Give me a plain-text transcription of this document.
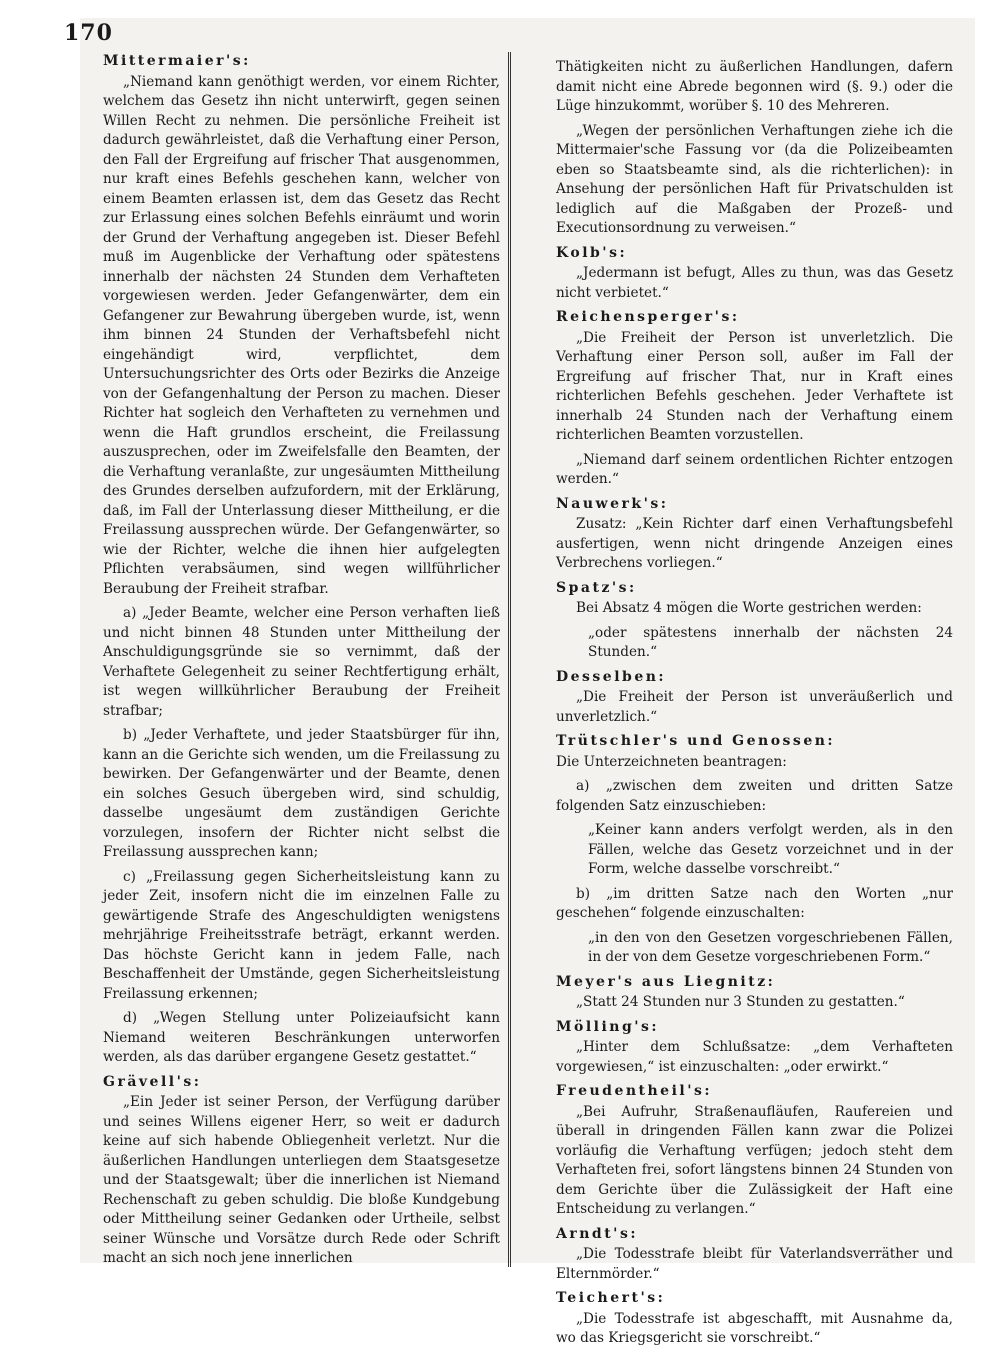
170
Mittermaier's:

„Niemand kann genöthigt werden, vor einem Richter, welchem das Gesetz ihn nicht unterwirft, gegen seinen Willen Recht zu nehmen. Die persönliche Freiheit ist dadurch gewährleistet, daß die Verhaftung einer Person, den Fall der Ergreifung auf frischer That ausgenommen, nur kraft eines Befehls geschehen kann, welcher von einem Beamten erlassen ist, dem das Gesetz das Recht zur Erlassung eines solchen Befehls einräumt und worin der Grund der Verhaftung angegeben ist. Dieser Befehl muß im Augenblicke der Verhaftung oder spätestens innerhalb der nächsten 24 Stunden dem Verhafteten vorgewiesen werden. Jeder Gefangenwärter, dem ein Gefangener zur Bewahrung übergeben wurde, ist, wenn ihm binnen 24 Stunden der Verhaftsbefehl nicht eingehändigt wird, verpflichtet, dem Untersuchungsrichter des Orts oder Bezirks die Anzeige von der Gefangenhaltung der Person zu machen. Dieser Richter hat sogleich den Verhafteten zu vernehmen und wenn die Haft grundlos erscheint, die Freilassung auszusprechen, oder im Zweifelsfalle den Beamten, der die Verhaftung veranlaßte, zur ungesäumten Mittheilung des Grundes derselben aufzufordern, mit der Erklärung, daß, im Fall der Unterlassung dieser Mittheilung, er die Freilassung aussprechen würde. Der Gefangenwärter, so wie der Richter, welche die ihnen hier aufgelegten Pflichten verabsäumen, sind wegen willführlicher Beraubung der Freiheit strafbar.

a) „Jeder Beamte, welcher eine Person verhaften ließ und nicht binnen 48 Stunden unter Mittheilung der Anschuldigungsgründe sie so vernimmt, daß der Verhaftete Gelegenheit zu seiner Rechtfertigung erhält, ist wegen willkührlicher Beraubung der Freiheit strafbar;

b) „Jeder Verhaftete, und jeder Staatsbürger für ihn, kann an die Gerichte sich wenden, um die Freilassung zu bewirken. Der Gefangenwärter und der Beamte, denen ein solches Gesuch übergeben wird, sind schuldig, dasselbe ungesäumt dem zuständigen Gerichte vorzulegen, insofern der Richter nicht selbst die Freilassung aussprechen kann;

c) „Freilassung gegen Sicherheitsleistung kann zu jeder Zeit, insofern nicht die im einzelnen Falle zu gewärtigende Strafe des Angeschuldigten wenigstens mehrjährige Freiheitsstrafe beträgt, erkannt werden. Das höchste Gericht kann in jedem Falle, nach Beschaffenheit der Umstände, gegen Sicherheitsleistung Freilassung erkennen;

d) „Wegen Stellung unter Polizeiaufsicht kann Niemand weiteren Beschränkungen unterworfen werden, als das darüber ergangene Gesetz gestattet.“

Grävell's:

„Ein Jeder ist seiner Person, der Verfügung darüber und seines Willens eigener Herr, so weit er dadurch keine auf sich habende Obliegenheit verletzt. Nur die äußerlichen Handlungen unterliegen dem Staatsgesetze und der Staatsgewalt; über die innerlichen ist Niemand Rechenschaft zu geben schuldig. Die bloße Kundgebung oder Mittheilung seiner Gedanken oder Urtheile, selbst seiner Wünsche und Vorsätze durch Rede oder Schrift macht an sich noch jene innerlichen

Thätigkeiten nicht zu äußerlichen Handlungen, dafern damit nicht eine Abrede begonnen wird (§. 9.) oder die Lüge hinzukommt, worüber §. 10 des Mehreren.

„Wegen der persönlichen Verhaftungen ziehe ich die Mittermaier'sche Fassung vor (da die Polizeibeamten eben so Staatsbeamte sind, als die richterlichen): in Ansehung der persönlichen Haft für Privatschulden ist lediglich auf die Maßgaben der Prozeß- und Executionsordnung zu verweisen.“

Kolb's:

„Jedermann ist befugt, Alles zu thun, was das Gesetz nicht verbietet.“

Reichensperger's:

„Die Freiheit der Person ist unverletzlich. Die Verhaftung einer Person soll, außer im Fall der Ergreifung auf frischer That, nur in Kraft eines richterlichen Befehls geschehen. Jeder Verhaftete ist innerhalb 24 Stunden nach der Verhaftung einem richterlichen Beamten vorzustellen.

„Niemand darf seinem ordentlichen Richter entzogen werden.“

Nauwerk's:

Zusatz: „Kein Richter darf einen Verhaftungsbefehl ausfertigen, wenn nicht dringende Anzeigen eines Verbrechens vorliegen.“

Spatz's:

Bei Absatz 4 mögen die Worte gestrichen werden:

„oder spätestens innerhalb der nächsten 24 Stunden.“

Desselben:

„Die Freiheit der Person ist unveräußerlich und unverletzlich.“

Trütschler's und Genossen:

Die Unterzeichneten beantragen:

a) „zwischen dem zweiten und dritten Satze folgenden Satz einzuschieben:

„Keiner kann anders verfolgt werden, als in den Fällen, welche das Gesetz vorzeichnet und in der Form, welche dasselbe vorschreibt.“

b) „im dritten Satze nach den Worten „nur geschehen“ folgende einzuschalten:

„in den von den Gesetzen vorgeschriebenen Fällen, in der von dem Gesetze vorgeschriebenen Form.“

Meyer's aus Liegnitz:

„Statt 24 Stunden nur 3 Stunden zu gestatten.“

Mölling's:

„Hinter dem Schlußsatze: „dem Verhafteten vorgewiesen,“ ist einzuschalten: „oder erwirkt.“

Freudentheil's:

„Bei Aufruhr, Straßenaufläufen, Raufereien und überall in dringenden Fällen kann zwar die Polizei vorläufig die Verhaftung verfügen; jedoch steht dem Verhafteten frei, sofort längstens binnen 24 Stunden von dem Gerichte über die Zulässigkeit der Haft eine Entscheidung zu verlangen.“

Arndt's:

„Die Todesstrafe bleibt für Vaterlandsverräther und Elternmörder.“

Teichert's:

„Die Todesstrafe ist abgeschafft, mit Ausnahme da, wo das Kriegsgericht sie vorschreibt.“
